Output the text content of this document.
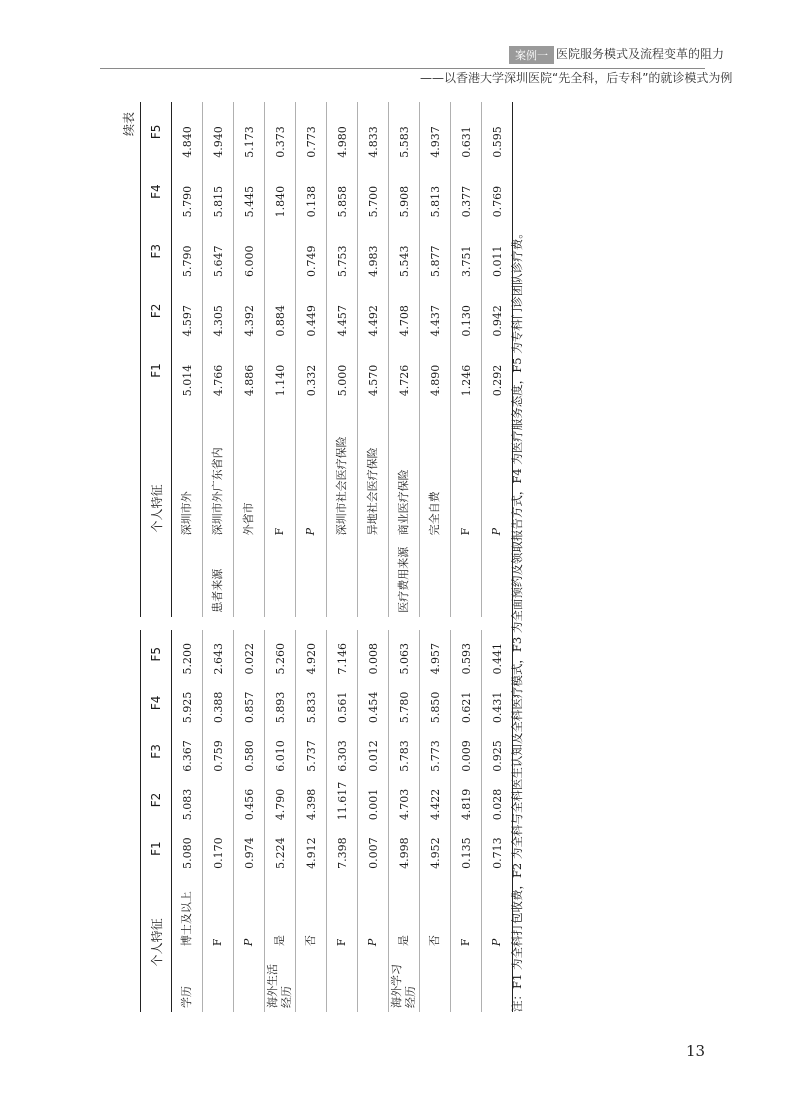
案例一 医院服务模式及流程变革的阻力
——以香港大学深圳医院“先全科，后专科”的就诊模式为例
续表
个人特征		F1	F2	F3	F4	F5		个人特征		F1	F2	F3	F4	F5
学历	博士及以上	5.080	5.083	6.367	5.925	5.200			深圳市外	5.014	4.597	5.790	5.790	4.840
	F	0.170		0.759	0.388	2.643		患者来源	深圳市外广东省内	4.766	4.305	5.647	5.815	4.940
	P	0.974	0.456	0.580	0.857	0.022			外省市	4.886	4.392	6.000	5.445	5.173
海外生活经历	是	5.224	4.790	6.010	5.893	5.260			F	1.140	0.884		1.840	0.373
	否	4.912	4.398	5.737	5.833	4.920			P	0.332	0.449	0.749	0.138	0.773
	F	7.398	11.617	6.303	0.561	7.146			深圳市社会医疗保险	5.000	4.457	5.753	5.858	4.980
	P	0.007	0.001	0.012	0.454	0.008			异地社会医疗保险	4.570	4.492	4.983	5.700	4.833
海外学习经历	是	4.998	4.703	5.783	5.780	5.063		医疗费用来源	商业医疗保险	4.726	4.708	5.543	5.908	5.583
	否	4.952	4.422	5.773	5.850	4.957			完全自费	4.890	4.437	5.877	5.813	4.937
	F	0.135	4.819	0.009	0.621	0.593			F	1.246	0.130	3.751	0.377	0.631
	P	0.713	0.028	0.925	0.431	0.441			P	0.292	0.942	0.011	0.769	0.595
注：F1 为全科打包收费，F2 为全科与全科医生认知及全科医疗模式，F3 为全面预约及领取报告方式，F4 为医疗服务态度，F5 为专科门诊团队诊疗费。
13
